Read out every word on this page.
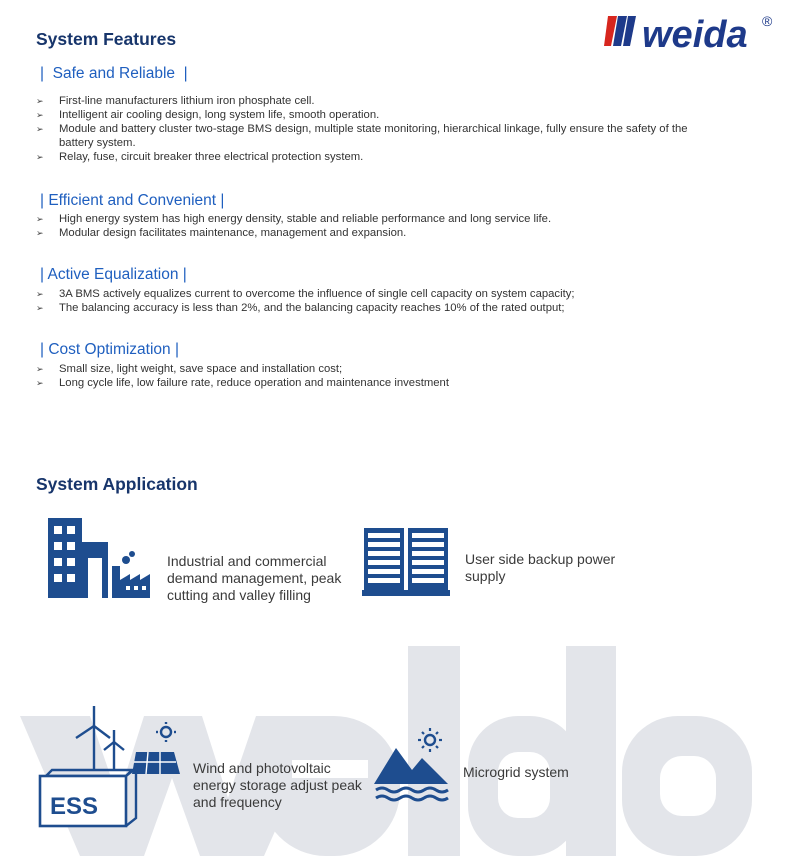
weida ®
System Features
|  Safe and Reliable  |
➢ First-line manufacturers lithium iron phosphate cell.
➢ Intelligent air cooling design, long system life, smooth operation.
➢ Module and battery cluster two-stage BMS design, multiple state monitoring, hierarchical linkage, fully ensure the safety of the battery system.
➢ Relay, fuse, circuit breaker three electrical protection system.
| Efficient and Convenient |
➢ High energy system has high energy density, stable and reliable performance and long service life.
➢ Modular design facilitates maintenance, management and expansion.
| Active Equalization |
➢ 3A BMS actively equalizes current to overcome the influence of single cell capacity on system capacity;
➢ The balancing accuracy is less than 2%, and the balancing capacity reaches 10% of the rated output;
| Cost Optimization |
➢ Small size, light weight, save space and installation cost;
➢ Long cycle life, low failure rate, reduce operation and maintenance investment
System Application
Industrial and commercial demand management, peak cutting and valley filling
User side backup power supply
ESS
Wind and photovoltaic energy storage adjust peak and frequency
Microgrid system
